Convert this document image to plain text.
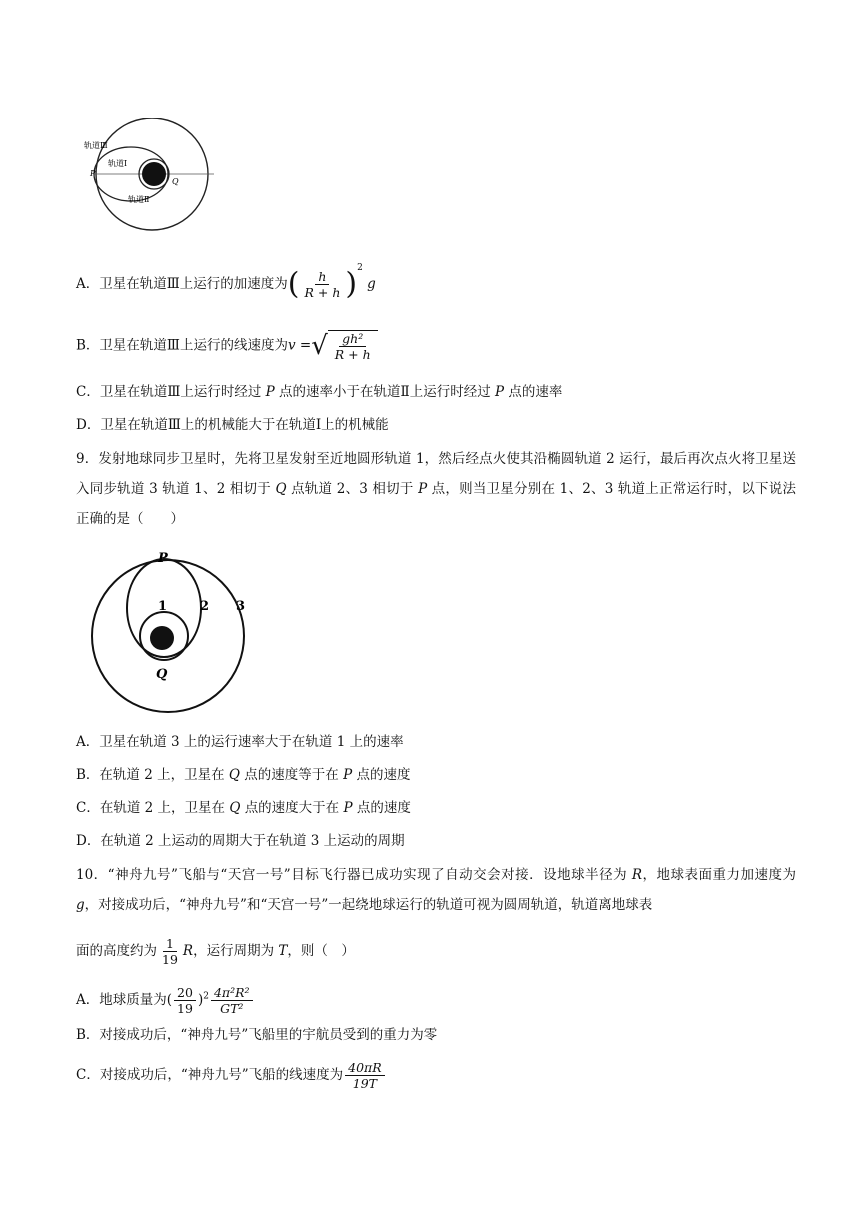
轨道Ⅲ
轨道Ⅰ
轨道Ⅱ
P
Q
A．卫星在轨道Ⅲ上运行的加速度为( $\frac{h}{R + h} )^2$ g
B．卫星在轨道Ⅲ上运行的线速度为v = √ $\frac{\text{gh²}}{R + h}$
C．卫星在轨道Ⅲ上运行时经过 P 点的速率小于在轨道Ⅱ上运行时经过 P 点的速率
D．卫星在轨道Ⅲ上的机械能大于在轨道Ⅰ上的机械能
9．发射地球同步卫星时，先将卫星发射至近地圆形轨道 1，然后经点火使其沿椭圆轨道 2 运行，最后再次点火将卫星送入同步轨道 3 轨道 1、2 相切于 Q 点轨道 2、3 相切于 P 点，则当卫星分别在 1、2、3 轨道上正常运行时，以下说法正确的是（　　）
P
Q
1	2 3
A．卫星在轨道 3 上的运行速率大于在轨道 1 上的速率
B．在轨道 2 上，卫星在 Q 点的速度等于在 P 点的速度
C．在轨道 2 上，卫星在 Q 点的速度大于在 P 点的速度
D．在轨道 2 上运动的周期大于在轨道 3 上运动的周期
10．“神舟九号”飞船与“天宫一号”目标飞行器已成功实现了自动交会对接．设地球半径为 R，地球表面重力加速度为 g，对接成功后，“神舟九号”和“天宫一号”一起绕地球运行的轨道可视为圆周轨道，轨道离地球表
面的高度约为 $\frac{1}{19}$ R，运行周期为 T，则（　）
A．地球质量为( $\frac{20}{19} )^2 \frac{\text{4π²R²}}{\text{GT²}}$
B．对接成功后，“神舟九号”飞船里的宇航员受到的重力为零
C．对接成功后，“神舟九号”飞船的线速度为 $\frac{40\pi R}{19T}$
